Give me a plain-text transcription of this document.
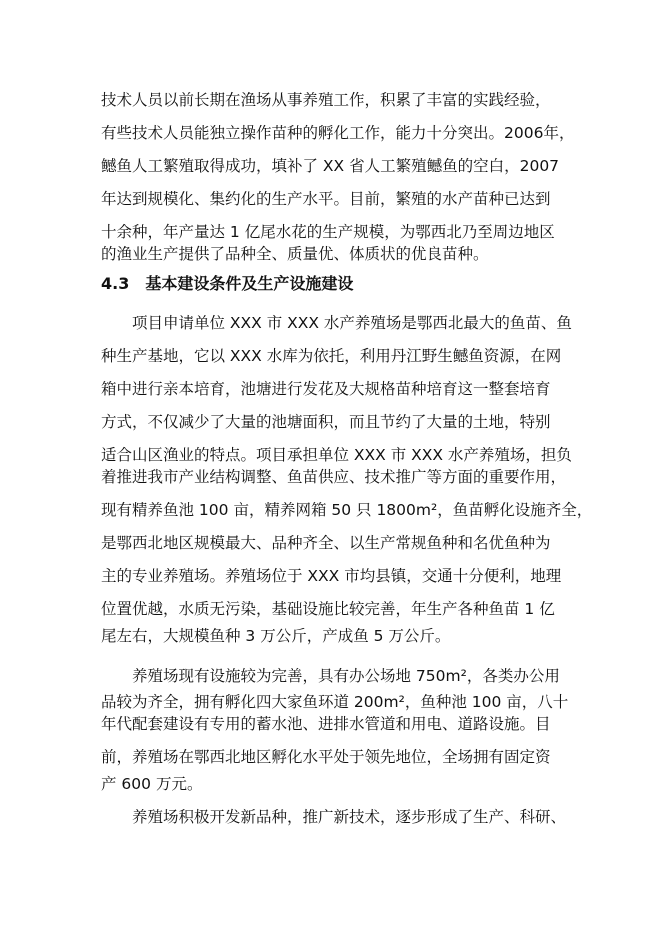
技术人员以前长期在渔场从事养殖工作，积累了丰富的实践经验，
有些技术人员能独立操作苗种的孵化工作，能力十分突出。2006年，
鳡鱼人工繁殖取得成功，填补了 XX 省人工繁殖鳡鱼的空白，2007
年达到规模化、集约化的生产水平。目前，繁殖的水产苗种已达到
十余种，年产量达 1 亿尾水花的生产规模，为鄂西北乃至周边地区
的渔业生产提供了品种全、质量优、体质状的优良苗种。
4.3　基本建设条件及生产设施建设
项目申请单位 XXX 市 XXX 水产养殖场是鄂西北最大的鱼苗、鱼
种生产基地，它以 XXX 水库为依托，利用丹江野生鳡鱼资源，在网
箱中进行亲本培育，池塘进行发花及大规格苗种培育这一整套培育
方式，不仅减少了大量的池塘面积，而且节约了大量的土地，特别
适合山区渔业的特点。项目承担单位 XXX 市 XXX 水产养殖场，担负
着推进我市产业结构调整、鱼苗供应、技术推广等方面的重要作用，
现有精养鱼池 100 亩，精养网箱 50 只 1800m²，鱼苗孵化设施齐全，
是鄂西北地区规模最大、品种齐全、以生产常规鱼种和名优鱼种为
主的专业养殖场。养殖场位于 XXX 市均县镇，交通十分便利，地理
位置优越，水质无污染，基础设施比较完善，年生产各种鱼苗 1 亿
尾左右，大规模鱼种 3 万公斤，产成鱼 5 万公斤。
养殖场现有设施较为完善，具有办公场地 750m²，各类办公用
品较为齐全，拥有孵化四大家鱼环道 200m²，鱼种池 100 亩，八十
年代配套建设有专用的蓄水池、进排水管道和用电、道路设施。目
前，养殖场在鄂西北地区孵化水平处于领先地位，全场拥有固定资
产 600 万元。
养殖场积极开发新品种，推广新技术，逐步形成了生产、科研、
